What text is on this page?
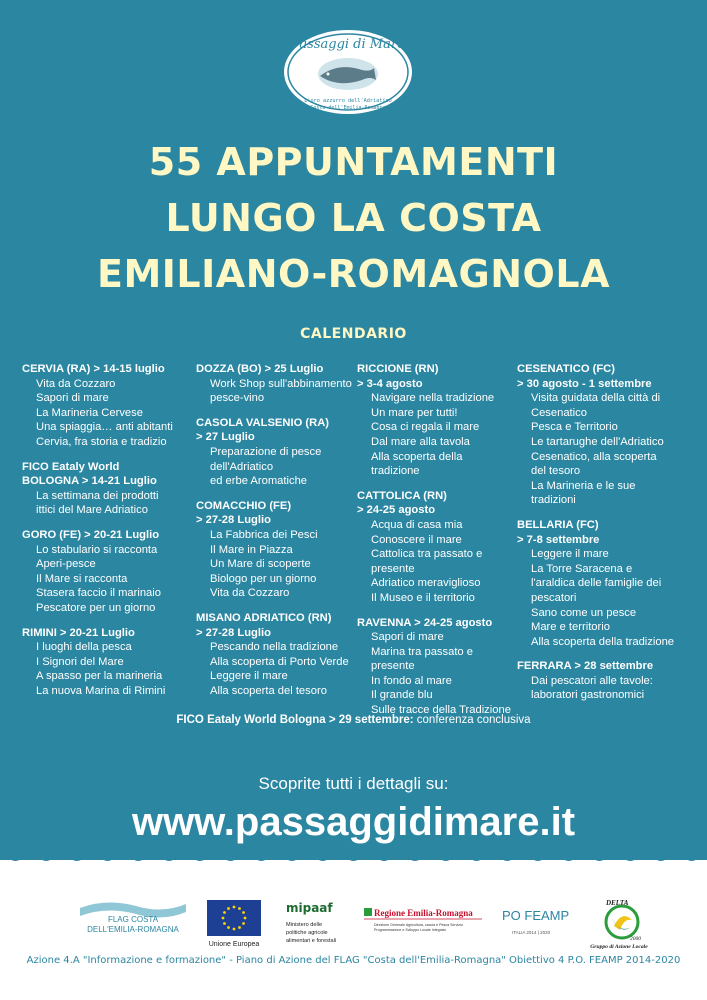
Passaggi di Mare
L'oro azzurro dell'Adriatico
Costa dell'Emilia-Romagna
55 APPUNTAMENTI
LUNGO LA COSTA
EMILIANO-ROMAGNOLA
CALENDARIO
CERVIA (RA) > 14-15 luglio
Vita da Cozzaro
Sapori di mare
La Marineria Cervese
Una spiaggia… anti abitanti
Cervia, fra storia e tradizio
FICO Eataly World
BOLOGNA > 14-21 Luglio
La settimana dei prodotti
ittici del Mare Adriatico
GORO (FE) > 20-21 Luglio
Lo stabulario si racconta
Aperi-pesce
Il Mare si racconta
Stasera faccio il marinaio
Pescatore per un giorno
RIMINI > 20-21 Luglio
I luoghi della pesca
I Signori del Mare
A spasso per la marineria
La nuova Marina di Rimini
DOZZA (BO) > 25 Luglio
Work Shop sull'abbinamento
pesce-vino
CASOLA VALSENIO (RA)
> 27 Luglio
Preparazione di pesce
dell'Adriatico
ed erbe Aromatiche
COMACCHIO (FE)
> 27-28 Luglio
La Fabbrica dei Pesci
Il Mare in Piazza
Un Mare di scoperte
Biologo per un giorno
Vita da Cozzaro
MISANO ADRIATICO (RN)
> 27-28 Luglio
Pescando nella tradizione
Alla scoperta di Porto Verde
Leggere il mare
Alla scoperta del tesoro
RICCIONE (RN)
> 3-4 agosto
Navigare nella tradizione
Un mare per tutti!
Cosa ci regala il mare
Dal mare alla tavola
Alla scoperta della tradizione
CATTOLICA (RN)
> 24-25 agosto
Acqua di casa mia
Conoscere il mare
Cattolica tra passato e
presente
Adriatico meraviglioso
Il Museo e il territorio
RAVENNA > 24-25 agosto
Sapori di mare
Marina tra passato e
presente
In fondo al mare
Il grande blu
Sulle tracce della Tradizione
CESENATICO (FC)
> 30 agosto - 1 settembre
Visita guidata della città di
Cesenatico
Pesca e Territorio
Le tartarughe dell'Adriatico
Cesenatico, alla scoperta
del tesoro
La Marineria e le sue
tradizioni
BELLARIA (FC)
> 7-8 settembre
Leggere il mare
La Torre Saracena e
l'araldica delle famiglie dei
pescatori
Sano come un pesce
Mare e territorio
Alla scoperta della tradizione
FERRARA > 28 settembre
Dai pescatori alle tavole:
laboratori gastronomici
FICO Eataly World Bologna > 29 settembre: conferenza conclusiva
Scoprite tutti i dettagli su:
www.passaggidimare.it
FLAG COSTA
DELL'EMILIA-ROMAGNA
Unione Europea
mipaaf
Ministero delle
politiche agricole
alimentari e forestali
Regione Emilia-Romagna
Direzione Generale Agricoltura, caccia e Pesca Servizio
Programmazione e Sviluppo Locale Integrato
PO FEAMP
ITALIA 2014 | 2020
DELTA
2000
Gruppo di Azione Locale
Azione 4.A "Informazione e formazione" - Piano di Azione del FLAG "Costa dell'Emilia-Romagna" Obiettivo 4 P.O. FEAMP 2014-2020
